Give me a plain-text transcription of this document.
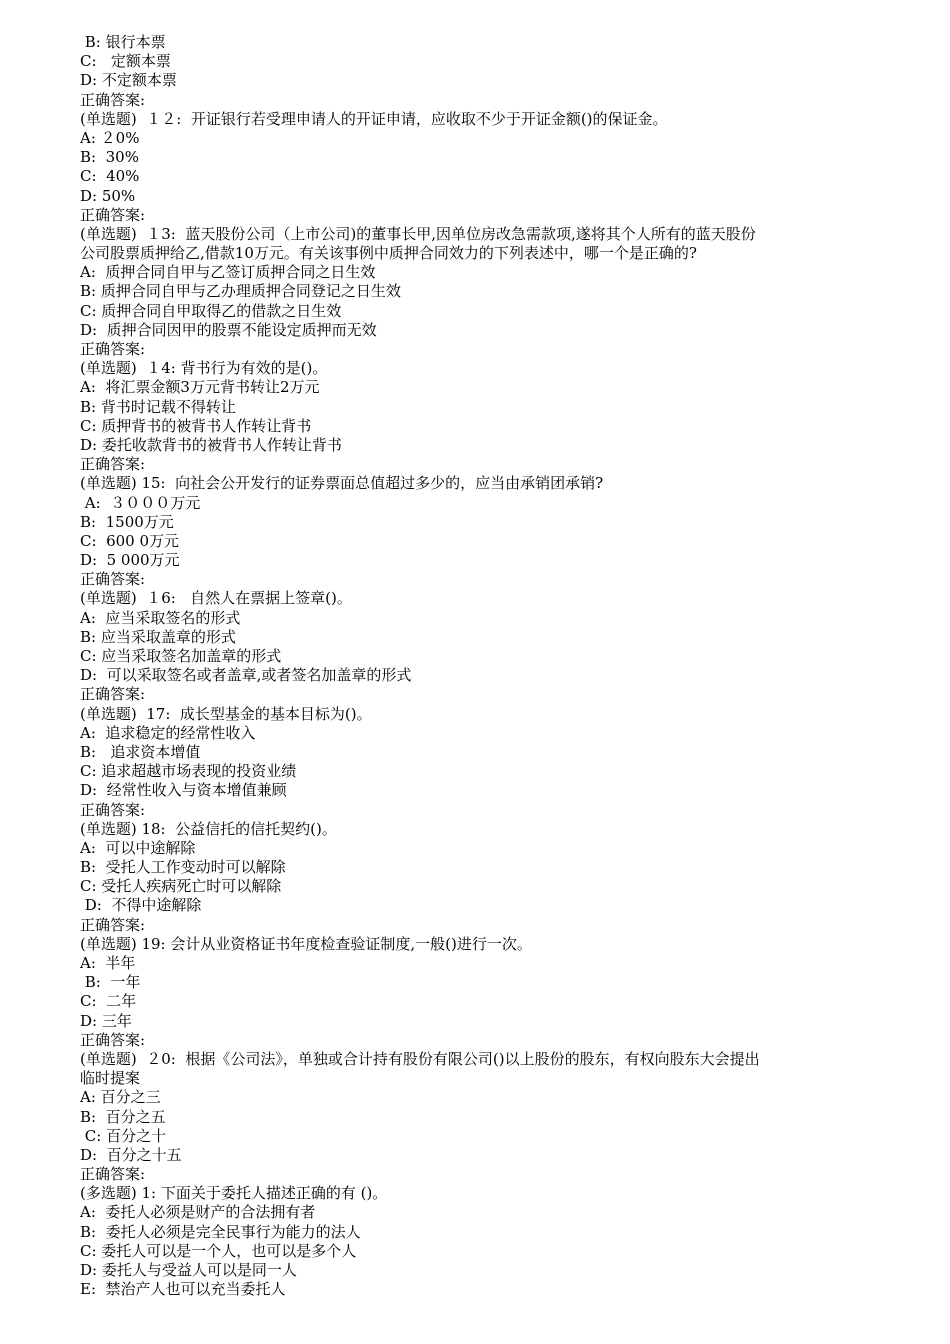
B: 银行本票
C:   定额本票
D: 不定额本票
正确答案:
(单选题)  １２:  开证银行若受理申请人的开证申请，应收取不少于开证金额()的保证金。
A: ２0%
B:  30%
C:  40%
D: 50%
正确答案:
(单选题)  １3:  蓝天股份公司（上市公司)的董事长甲,因单位房改急需款项,遂将其个人所有的蓝天股份
公司股票质押给乙,借款10万元。有关该事例中质押合同效力的下列表述中，哪一个是正确的?
A:  质押合同自甲与乙签订质押合同之日生效
B: 质押合同自甲与乙办理质押合同登记之日生效
C: 质押合同自甲取得乙的借款之日生效
D:  质押合同因甲的股票不能设定质押而无效
正确答案:
(单选题)  １4: 背书行为有效的是()。
A:  将汇票金额3万元背书转让2万元
B: 背书时记载不得转让
C: 质押背书的被背书人作转让背书
D: 委托收款背书的被背书人作转让背书
正确答案:
(单选题) 15:  向社会公开发行的证券票面总值超过多少的，应当由承销团承销?
A:  ３０００万元
B:  1500万元
C:  600 0万元
D:  5 000万元
正确答案:
(单选题)  １6:   自然人在票据上签章()。
A:  应当采取签名的形式
B: 应当采取盖章的形式
C: 应当采取签名加盖章的形式
D:  可以采取签名或者盖章,或者签名加盖章的形式
正确答案:
(单选题)  17:  成长型基金的基本目标为()。
A:  追求稳定的经常性收入
B:   追求资本增值
C: 追求超越市场表现的投资业绩
D:  经常性收入与资本增值兼顾
正确答案:
(单选题) 18:  公益信托的信托契约()。
A:  可以中途解除
B:  受托人工作变动时可以解除
C: 受托人疾病死亡时可以解除
D:  不得中途解除
正确答案:
(单选题) 19: 会计从业资格证书年度检查验证制度,一般()进行一次。
A:  半年
B:  一年
C:  二年
D: 三年
正确答案:
(单选题)  ２0:  根据《公司法》，单独或合计持有股份有限公司()以上股份的股东，有权向股东大会提出
临时提案
A: 百分之三
B:  百分之五
C: 百分之十
D:  百分之十五
正确答案:
(多选题) 1: 下面关于委托人描述正确的有 ()。
A:  委托人必须是财产的合法拥有者
B:  委托人必须是完全民事行为能力的法人
C: 委托人可以是一个人，也可以是多个人
D: 委托人与受益人可以是同一人
E:  禁治产人也可以充当委托人
